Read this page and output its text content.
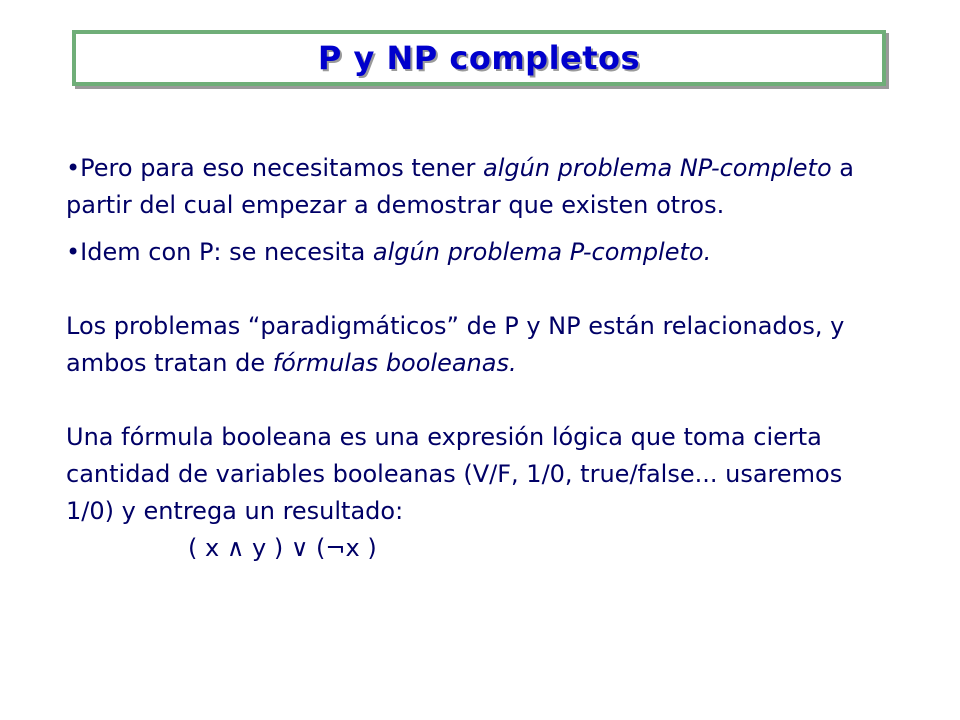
P y NP completos

•Pero para eso necesitamos tener algún problema NP-completo a partir del cual empezar a demostrar que existen otros.

•Idem con P: se necesita algún problema P-completo.

Los problemas “paradigmáticos” de P y NP están relacionados, y ambos tratan de fórmulas booleanas.

Una fórmula booleana es una expresión lógica que toma cierta cantidad de variables booleanas (V/F, 1/0, true/false... usaremos 1/0) y entrega un resultado:

( x ∧ y ) ∨ (¬x )
